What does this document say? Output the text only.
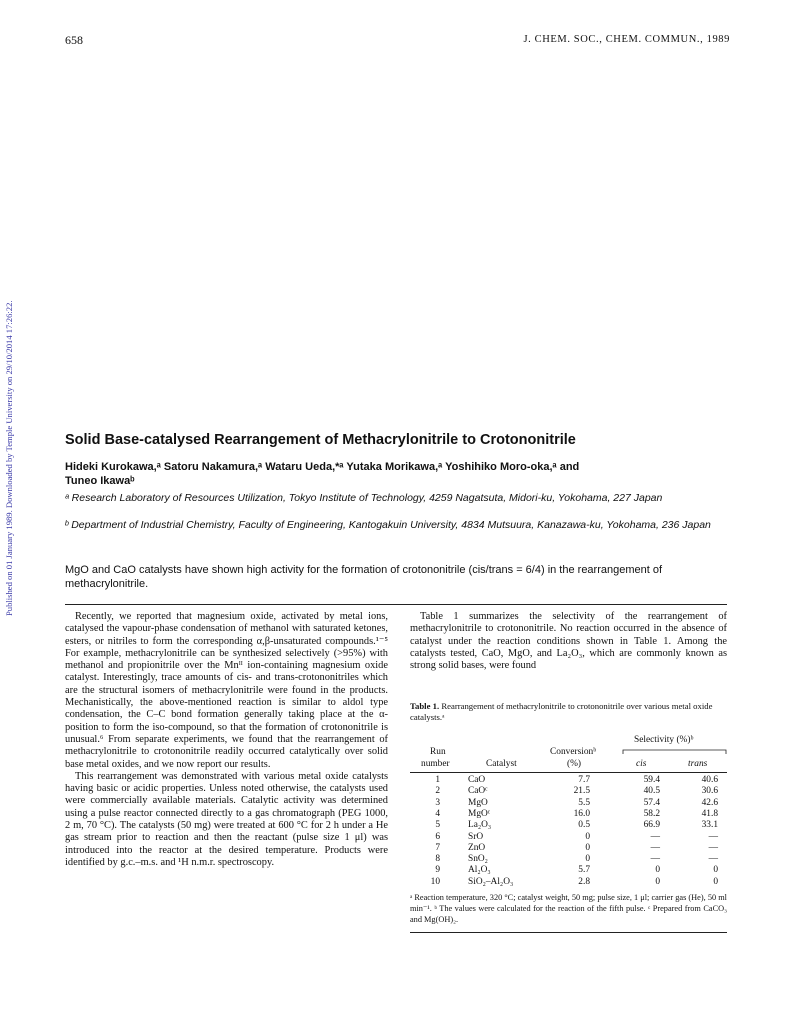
658	J. CHEM. SOC., CHEM. COMMUN., 1989
Published on 01 January 1989. Downloaded by Temple University on 29/10/2014 17:26:22.	Solid Base-catalysed Rearrangement of Methacrylonitrile to Crotononitrile
Hideki Kurokawa,ᵃ Satoru Nakamura,ᵃ Wataru Ueda,*ᵃ Yutaka Morikawa,ᵃ Yoshihiko Moro-oka,ᵃ and
Tuneo Ikawaᵇ
ᵃ Research Laboratory of Resources Utilization, Tokyo Institute of Technology, 4259 Nagatsuta, Midori-ku, Yokohama, 227 Japan
ᵇ Department of Industrial Chemistry, Faculty of Engineering, Kantogakuin University, 4834 Mutsuura, Kanazawa-ku, Yokohama, 236 Japan
MgO and CaO catalysts have shown high activity for the formation of crotononitrile (cis/trans = 6/4) in the rearrangement of methacrylonitrile.

Recently, we reported that magnesium oxide, activated by metal ions, catalysed the vapour-phase condensation of methanol with saturated ketones, esters, or nitriles to form the corresponding α,β-unsaturated compounds.¹⁻⁵ For example, methacrylonitrile can be synthesized selectively (>95%) with methanol and propionitrile over the Mnᴵᴵ ion-containing magnesium oxide catalyst. Interestingly, trace amounts of cis- and trans-crotononitriles which are the structural isomers of methacrylonitrile were found in the products. Mechanistically, the above-mentioned reaction is similar to aldol type condensation, the C–C bond formation generally taking place at the α-position to form the iso-compound, so that the formation of crotononitrile is unusual.⁶ From separate experiments, we found that the rearrangement of methacrylonitrile to crotononitrile readily occurred catalytically over solid base metal oxides, and we now report our results.

This rearrangement was demonstrated with various metal oxide catalysts having basic or acidic properties. Unless noted otherwise, the catalysts used were commercially available materials. Catalytic activity was determined using a pulse reactor connected directly to a gas chromatograph (PEG 1000, 2 m, 70 °C). The catalysts (50 mg) were treated at 600 °C for 2 h under a He gas stream prior to reaction and then the reactant (pulse size 1 μl) was introduced into the reactor at the desired temperature. Products were identified by g.c.–m.s. and ¹H n.m.r. spectroscopy.

Table 1 summarizes the selectivity of the rearrangement of methacrylonitrile to crotononitrile. No reaction occurred in the absence of catalyst under the reaction conditions shown in Table 1. Among the catalysts tested, CaO, MgO, and La₂O₃, which are commonly known as strong solid bases, were found

Table 1. Rearrangement of methacrylonitrile to crotononitrile over various metal oxide catalysts.ᵃ
Selectivity (%)ᵇ
Run	Conversionᵇ
number	Catalyst	(%)	cis	trans
1	CaO	7.7	59.4	40.6
2	CaOᶜ	21.5	40.5	30.6
3	MgO	5.5	57.4	42.6
4	MgOᶜ	16.0	58.2	41.8
5	La₂O₃	0.5	66.9	33.1
6	SrO	0	—	—
7	ZnO	0	—	—
8	SnO₂	0	—	—
9	Al₂O₃	5.7	0	0
10	SiO₂–Al₂O₃	2.8	0	0
ᵃ Reaction temperature, 320 °C; catalyst weight, 50 mg; pulse size, 1 μl; carrier gas (He), 50 ml min⁻¹. ᵇ The values were calculated for the reaction of the fifth pulse. ᶜ Prepared from CaCO₃ and Mg(OH)₂.
